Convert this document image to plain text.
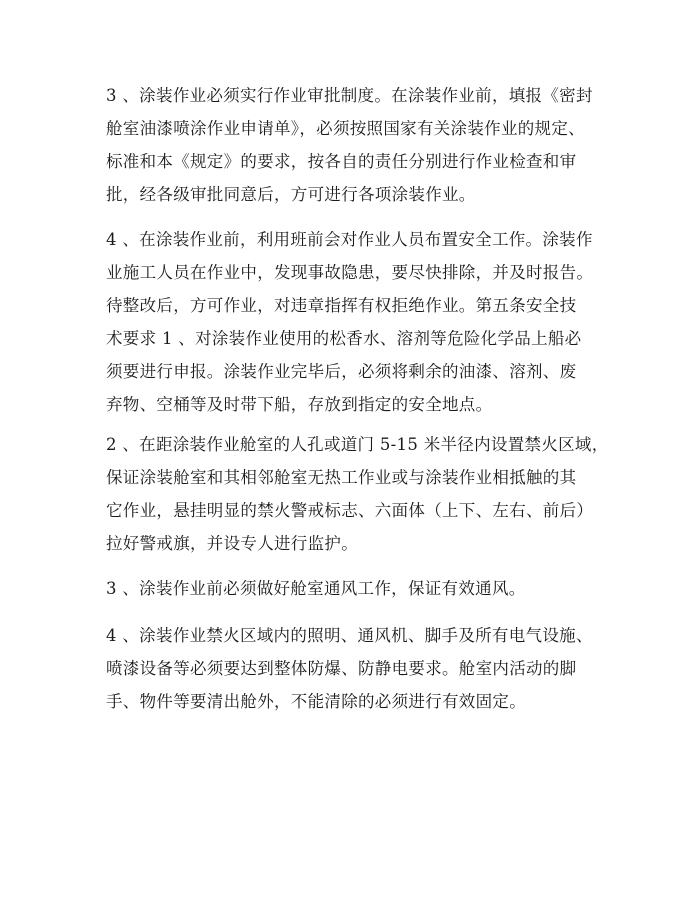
3 、涂装作业必须实行作业审批制度。在涂装作业前，填报《密封
舱室油漆喷涂作业申请单》，必须按照国家有关涂装作业的规定、
标准和本《规定》的要求，按各自的责任分别进行作业检查和审
批，经各级审批同意后，方可进行各项涂装作业。
4 、在涂装作业前，利用班前会对作业人员布置安全工作。涂装作
业施工人员在作业中，发现事故隐患，要尽快排除，并及时报告。
待整改后，方可作业，对违章指挥有权拒绝作业。第五条安全技
术要求 1 、对涂装作业使用的松香水、溶剂等危险化学品上船必
须要进行申报。涂装作业完毕后，必须将剩余的油漆、溶剂、废
弃物、空桶等及时带下船，存放到指定的安全地点。
2 、在距涂装作业舱室的人孔或道门 5-15 米半径内设置禁火区域，
保证涂装舱室和其相邻舱室无热工作业或与涂装作业相抵触的其
它作业，悬挂明显的禁火警戒标志、六面体（上下、左右、前后）
拉好警戒旗，并设专人进行监护。
3 、涂装作业前必须做好舱室通风工作，保证有效通风。
4 、涂装作业禁火区域内的照明、通风机、脚手及所有电气设施、
喷漆设备等必须要达到整体防爆、防静电要求。舱室内活动的脚
手、物件等要清出舱外，不能清除的必须进行有效固定。
